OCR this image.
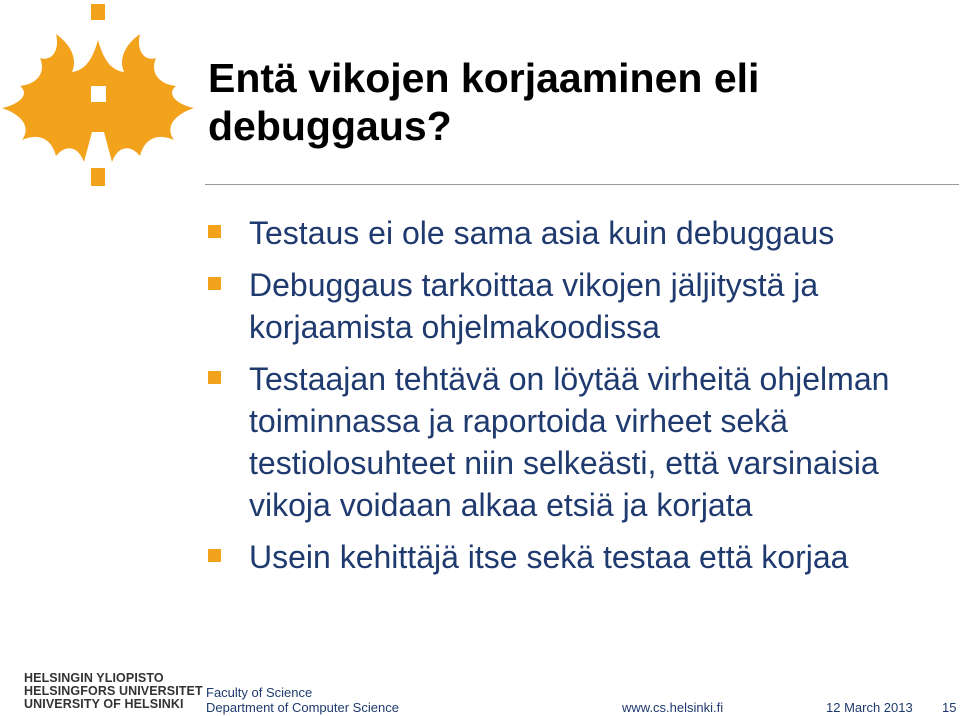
Entä vikojen korjaaminen eli debuggaus?
Testaus ei ole sama asia kuin debuggaus
Debuggaus tarkoittaa vikojen jäljitystä ja korjaamista ohjelmakoodissa
Testaajan tehtävä on löytää virheitä ohjelman toiminnassa ja raportoida virheet sekä testiolosuhteet niin selkeästi, että varsinaisia vikoja voidaan alkaa etsiä ja korjata
Usein kehittäjä itse sekä testaa että korjaa
HELSINGIN YLIOPISTO
HELSINGFORS UNIVERSITET
UNIVERSITY OF HELSINKI
Faculty of Science
Department of Computer Science	www.cs.helsinki.fi	12 March 2013 15
